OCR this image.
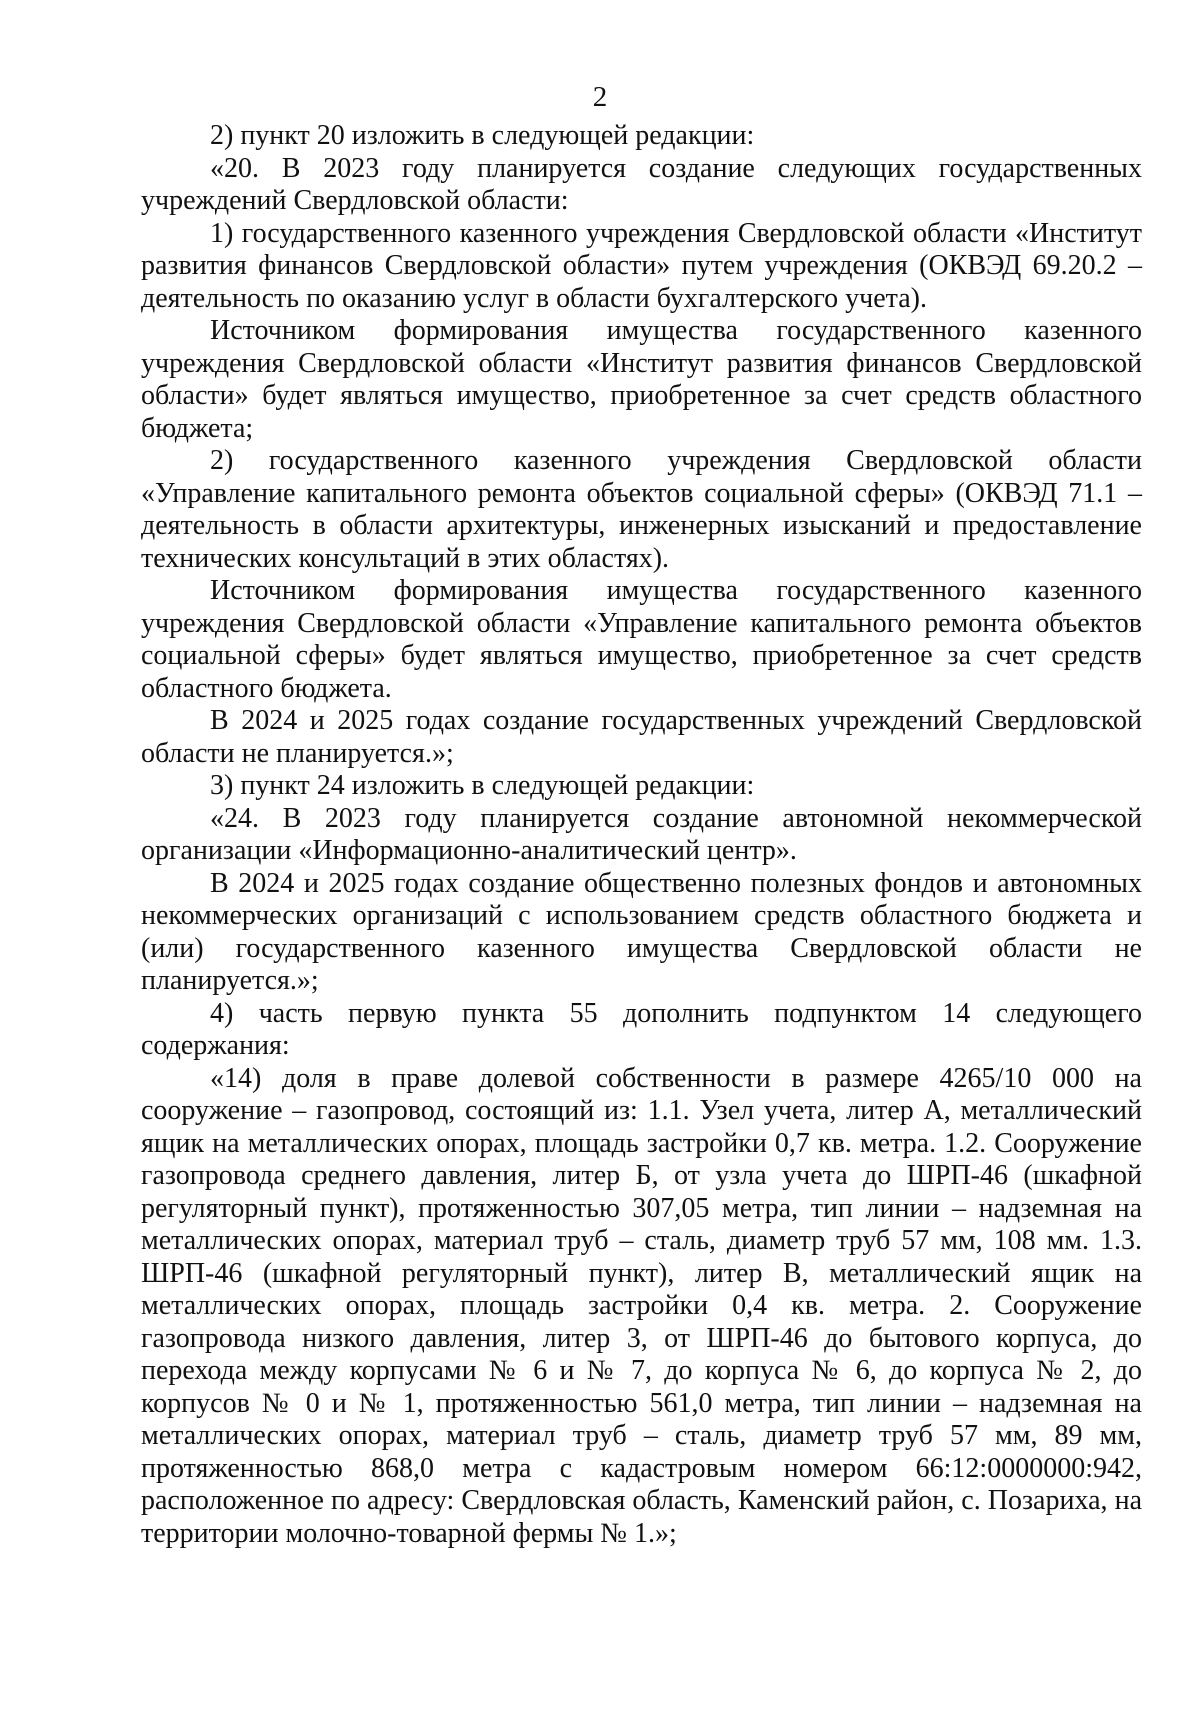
2

2) пункт 20 изложить в следующей редакции:

«20. В 2023 году планируется создание следующих государственных учреждений Свердловской области:

1) государственного казенного учреждения Свердловской области «Институт развития финансов Свердловской области» путем учреждения (ОКВЭД 69.20.2 – деятельность по оказанию услуг в области бухгалтерского учета).

Источником формирования имущества государственного казенного учреждения Свердловской области «Институт развития финансов Свердловской области» будет являться имущество, приобретенное за счет средств областного бюджета;

2) государственного казенного учреждения Свердловской области «Управление капитального ремонта объектов социальной сферы» (ОКВЭД 71.1 – деятельность в области архитектуры, инженерных изысканий и предоставление технических консультаций в этих областях).

Источником формирования имущества государственного казенного учреждения Свердловской области «Управление капитального ремонта объектов социальной сферы» будет являться имущество, приобретенное за счет средств областного бюджета.

В 2024 и 2025 годах создание государственных учреждений Свердловской области не планируется.»;

3) пункт 24 изложить в следующей редакции:

«24. В 2023 году планируется создание автономной некоммерческой организации «Информационно-аналитический центр».

В 2024 и 2025 годах создание общественно полезных фондов и автономных некоммерческих организаций с использованием средств областного бюджета и (или) государственного казенного имущества Свердловской области не планируется.»;

4) часть первую пункта 55 дополнить подпунктом 14 следующего содержания:

«14) доля в праве долевой собственности в размере 4265/10 000 на сооружение – газопровод, состоящий из: 1.1. Узел учета, литер А, металлический ящик на металлических опорах, площадь застройки 0,7 кв. метра. 1.2. Сооружение газопровода среднего давления, литер Б, от узла учета до ШРП-46 (шкафной регуляторный пункт), протяженностью 307,05 метра, тип линии – надземная на металлических опорах, материал труб – сталь, диаметр труб 57 мм, 108 мм. 1.3. ШРП-46 (шкафной регуляторный пункт), литер В, металлический ящик на металлических опорах, площадь застройки 0,4 кв. метра. 2. Сооружение газопровода низкого давления, литер 3, от ШРП-46 до бытового корпуса, до перехода между корпусами № 6 и № 7, до корпуса № 6, до корпуса № 2, до корпусов № 0 и № 1, протяженностью 561,0 метра, тип линии – надземная на металлических опорах, материал труб – сталь, диаметр труб 57 мм, 89 мм, протяженностью 868,0 метра с кадастровым номером 66:12:0000000:942, расположенное по адресу: Свердловская область, Каменский район, с. Позариха, на территории молочно-товарной фермы № 1.»;
